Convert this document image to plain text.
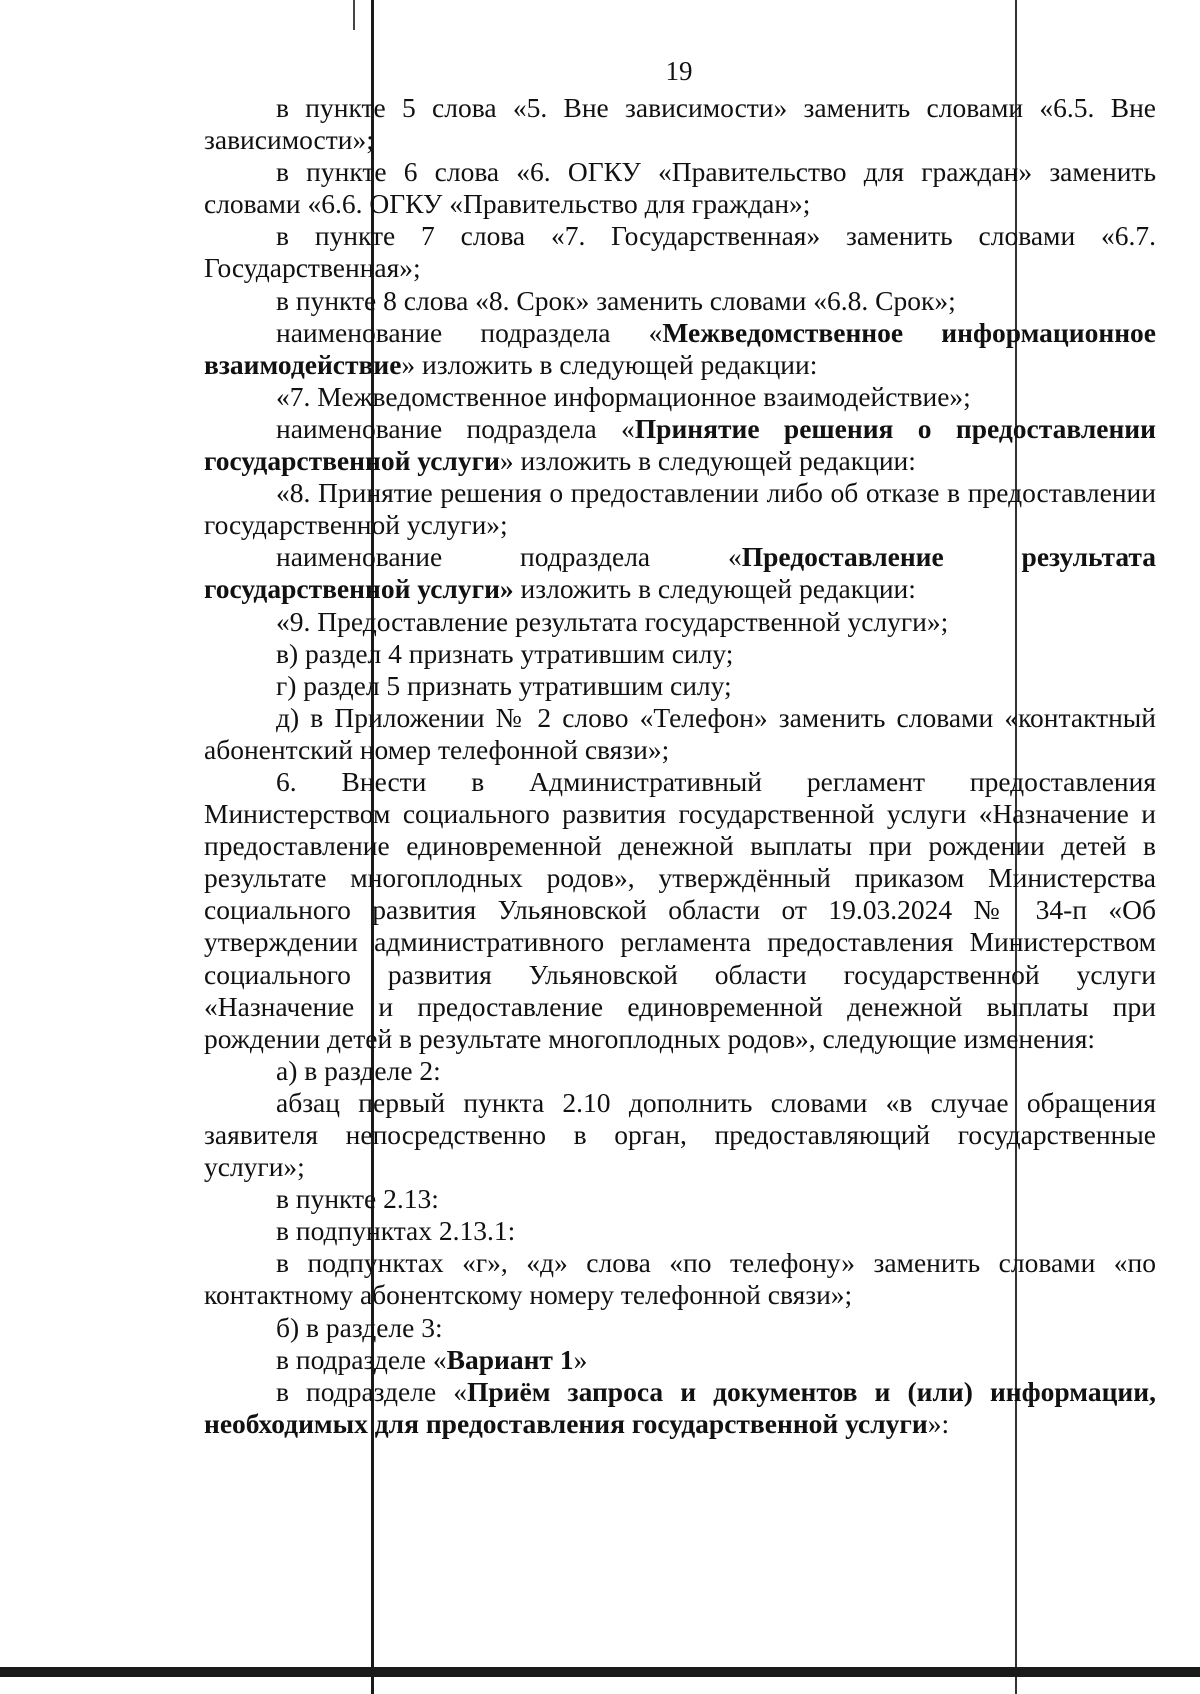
19

в пункте 5 слова «5. Вне зависимости» заменить словами «6.5. Вне зависимости»;

в пункте 6 слова «6. ОГКУ «Правительство для граждан» заменить словами «6.6. ОГКУ «Правительство для граждан»;

в пункте 7 слова «7. Государственная» заменить словами «6.7. Государственная»;

в пункте 8 слова «8. Срок» заменить словами «6.8. Срок»;

наименование подраздела «Межведомственное информационное взаимодействие» изложить в следующей редакции:

«7. Межведомственное информационное взаимодействие»;

наименование подраздела «Принятие решения о предоставлении государственной услуги» изложить в следующей редакции:

«8. Принятие решения о предоставлении либо об отказе в предоставлении государственной услуги»;

наименование подраздела «Предоставление результата государственной услуги» изложить в следующей редакции:

«9. Предоставление результата государственной услуги»;

в) раздел 4 признать утратившим силу;

г) раздел 5 признать утратившим силу;

д) в Приложении № 2 слово «Телефон» заменить словами «контактный абонентский номер телефонной связи»;

6. Внести в Административный регламент предоставления Министерством социального развития государственной услуги «Назначение и предоставление единовременной денежной выплаты при рождении детей в результате многоплодных родов», утверждённый приказом Министерства социального развития Ульяновской области от 19.03.2024 № 34-п «Об утверждении административного регламента предоставления Министерством социального развития Ульяновской области государственной услуги «Назначение и предоставление единовременной денежной выплаты при рождении детей в результате многоплодных родов», следующие изменения:

а) в разделе 2:

абзац первый пункта 2.10 дополнить словами «в случае обращения заявителя непосредственно в орган, предоставляющий государственные услуги»;

в пункте 2.13:

в подпунктах 2.13.1:

в подпунктах «г», «д» слова «по телефону» заменить словами «по контактному абонентскому номеру телефонной связи»;

б) в разделе 3:

в подразделе «Вариант 1»

в подразделе «Приём запроса и документов и (или) информации, необходимых для предоставления государственной услуги»:
